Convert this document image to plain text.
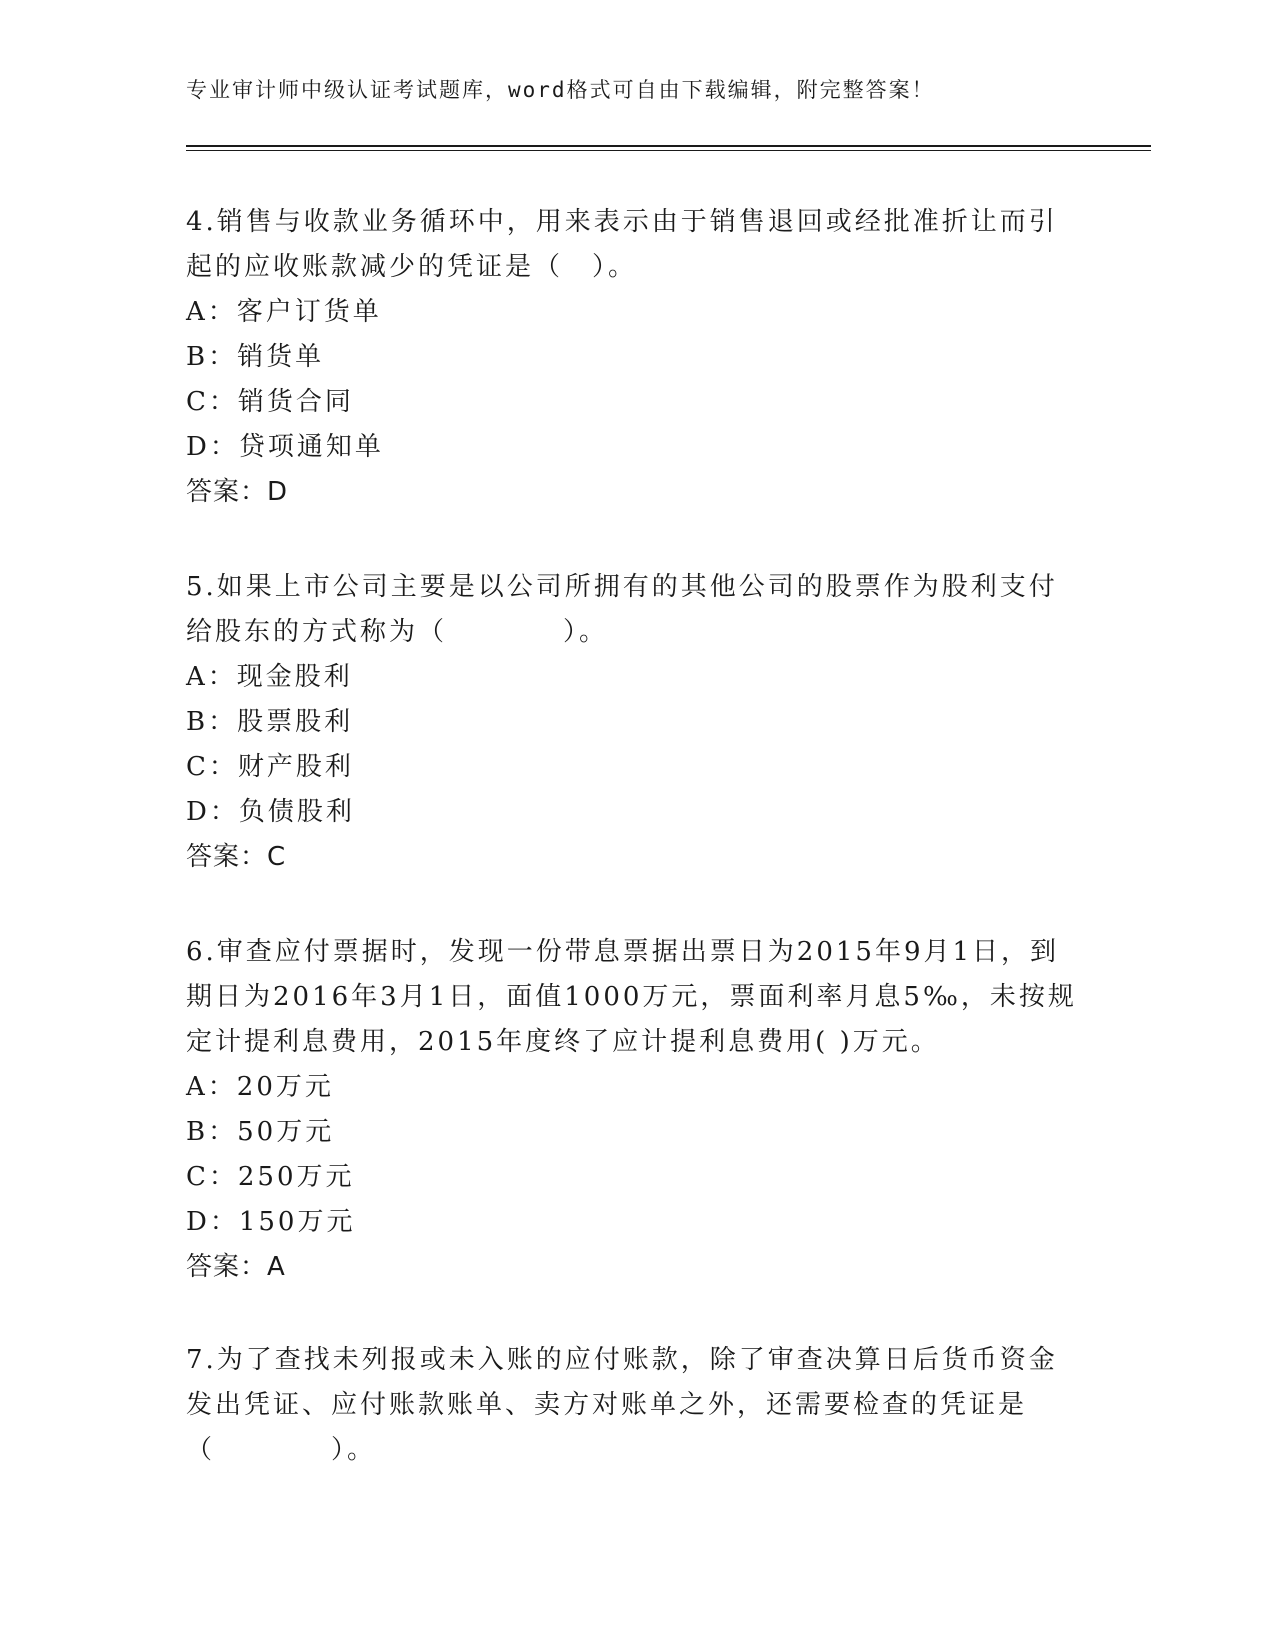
专业审计师中级认证考试题库，word格式可自由下载编辑，附完整答案！

4.销售与收款业务循环中，用来表示由于销售退回或经批准折让而引起的应收账款减少的凭证是（　）。

A：客户订货单

B：销货单

C：销货合同

D：贷项通知单

答案：D

5.如果上市公司主要是以公司所拥有的其他公司的股票作为股利支付给股东的方式称为（　　　　）。

A：现金股利

B：股票股利

C：财产股利

D：负债股利

答案：C

6.审查应付票据时，发现一份带息票据出票日为2015年9月1日，到期日为2016年3月1日，面值1000万元，票面利率月息5‰，未按规定计提利息费用，2015年度终了应计提利息费用( )万元。

A：20万元

B：50万元

C：250万元

D：150万元

答案：A

7.为了查找未列报或未入账的应付账款，除了审查决算日后货币资金发出凭证、应付账款账单、卖方对账单之外，还需要检查的凭证是（　　　　）。
